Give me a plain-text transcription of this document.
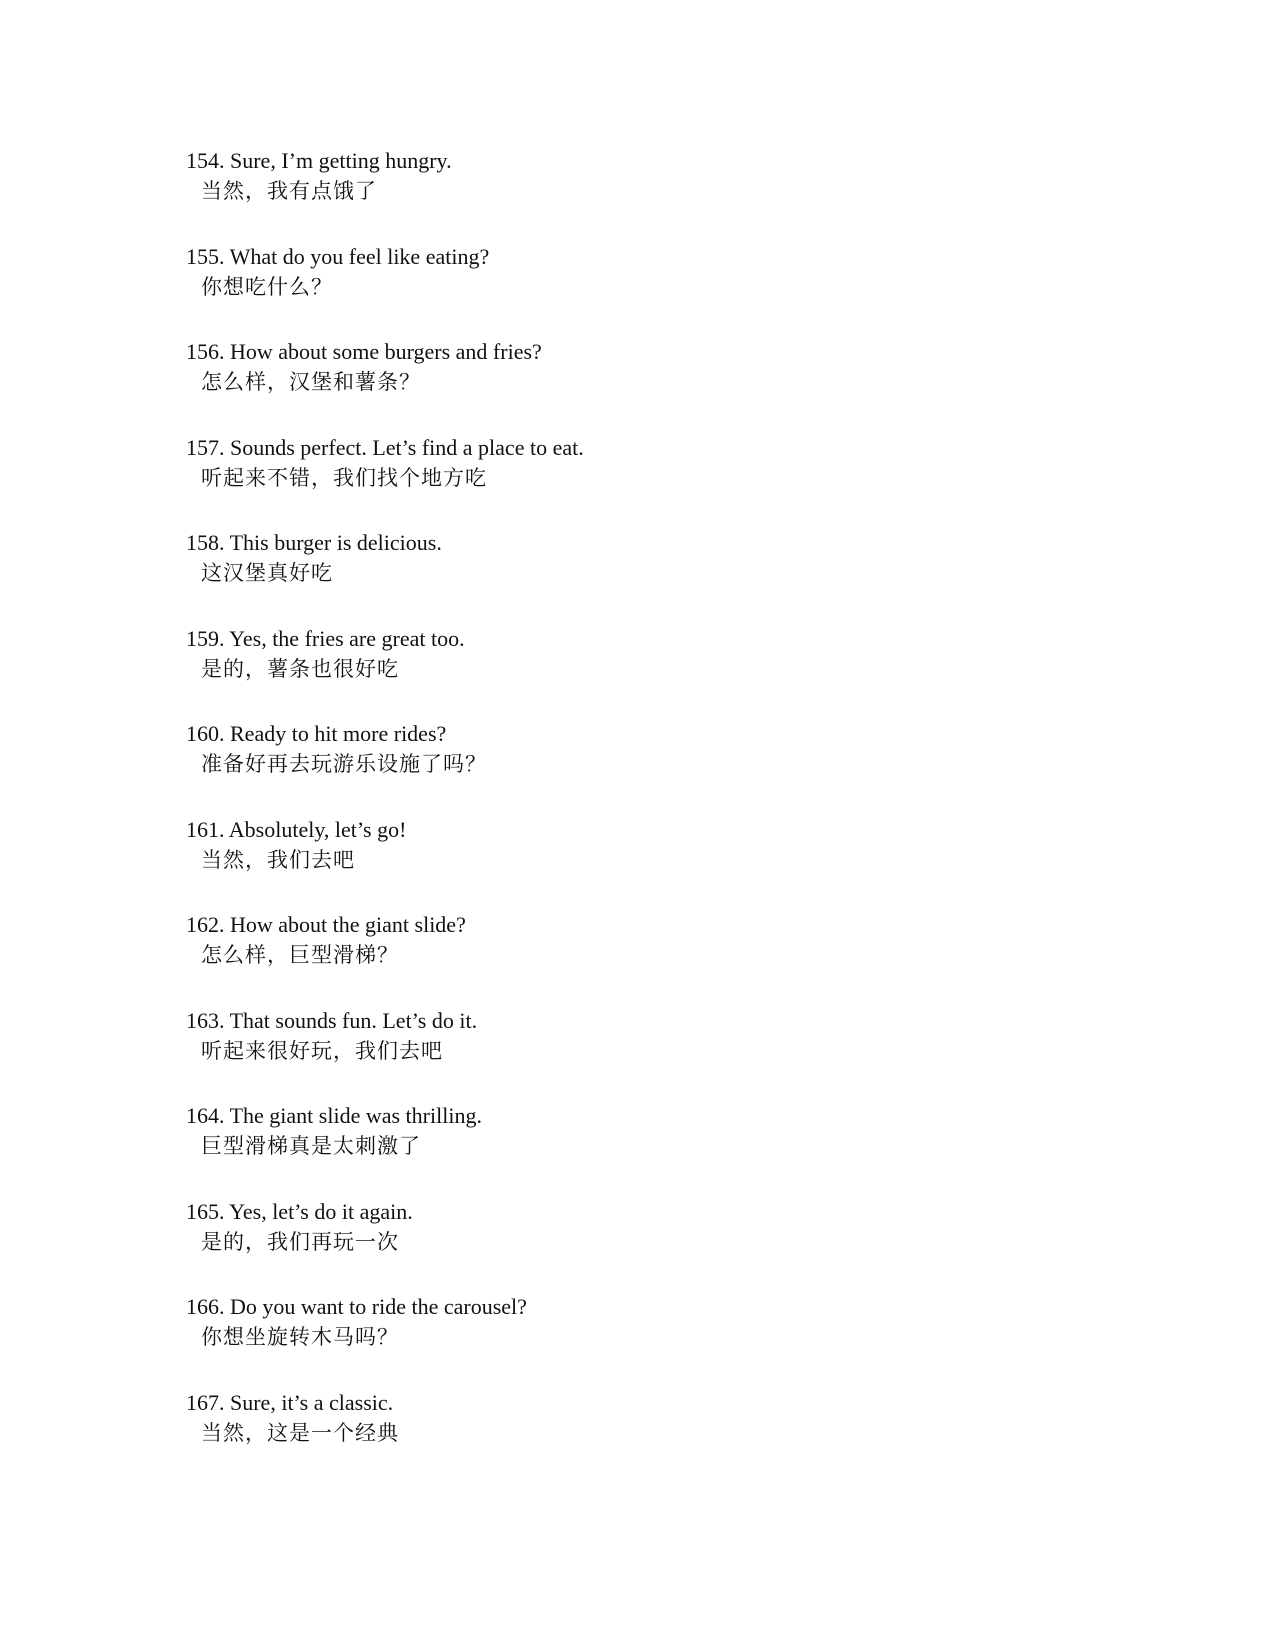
154. Sure, I’m getting hungry.
当然，我有点饿了
155. What do you feel like eating?
你想吃什么？
156. How about some burgers and fries?
怎么样，汉堡和薯条？
157. Sounds perfect. Let’s find a place to eat.
听起来不错，我们找个地方吃
158. This burger is delicious.
这汉堡真好吃
159. Yes, the fries are great too.
是的，薯条也很好吃
160. Ready to hit more rides?
准备好再去玩游乐设施了吗？
161. Absolutely, let’s go!
当然，我们去吧
162. How about the giant slide?
怎么样，巨型滑梯？
163. That sounds fun. Let’s do it.
听起来很好玩，我们去吧
164. The giant slide was thrilling.
巨型滑梯真是太刺激了
165. Yes, let’s do it again.
是的，我们再玩一次
166. Do you want to ride the carousel?
你想坐旋转木马吗？
167. Sure, it’s a classic.
当然，这是一个经典
